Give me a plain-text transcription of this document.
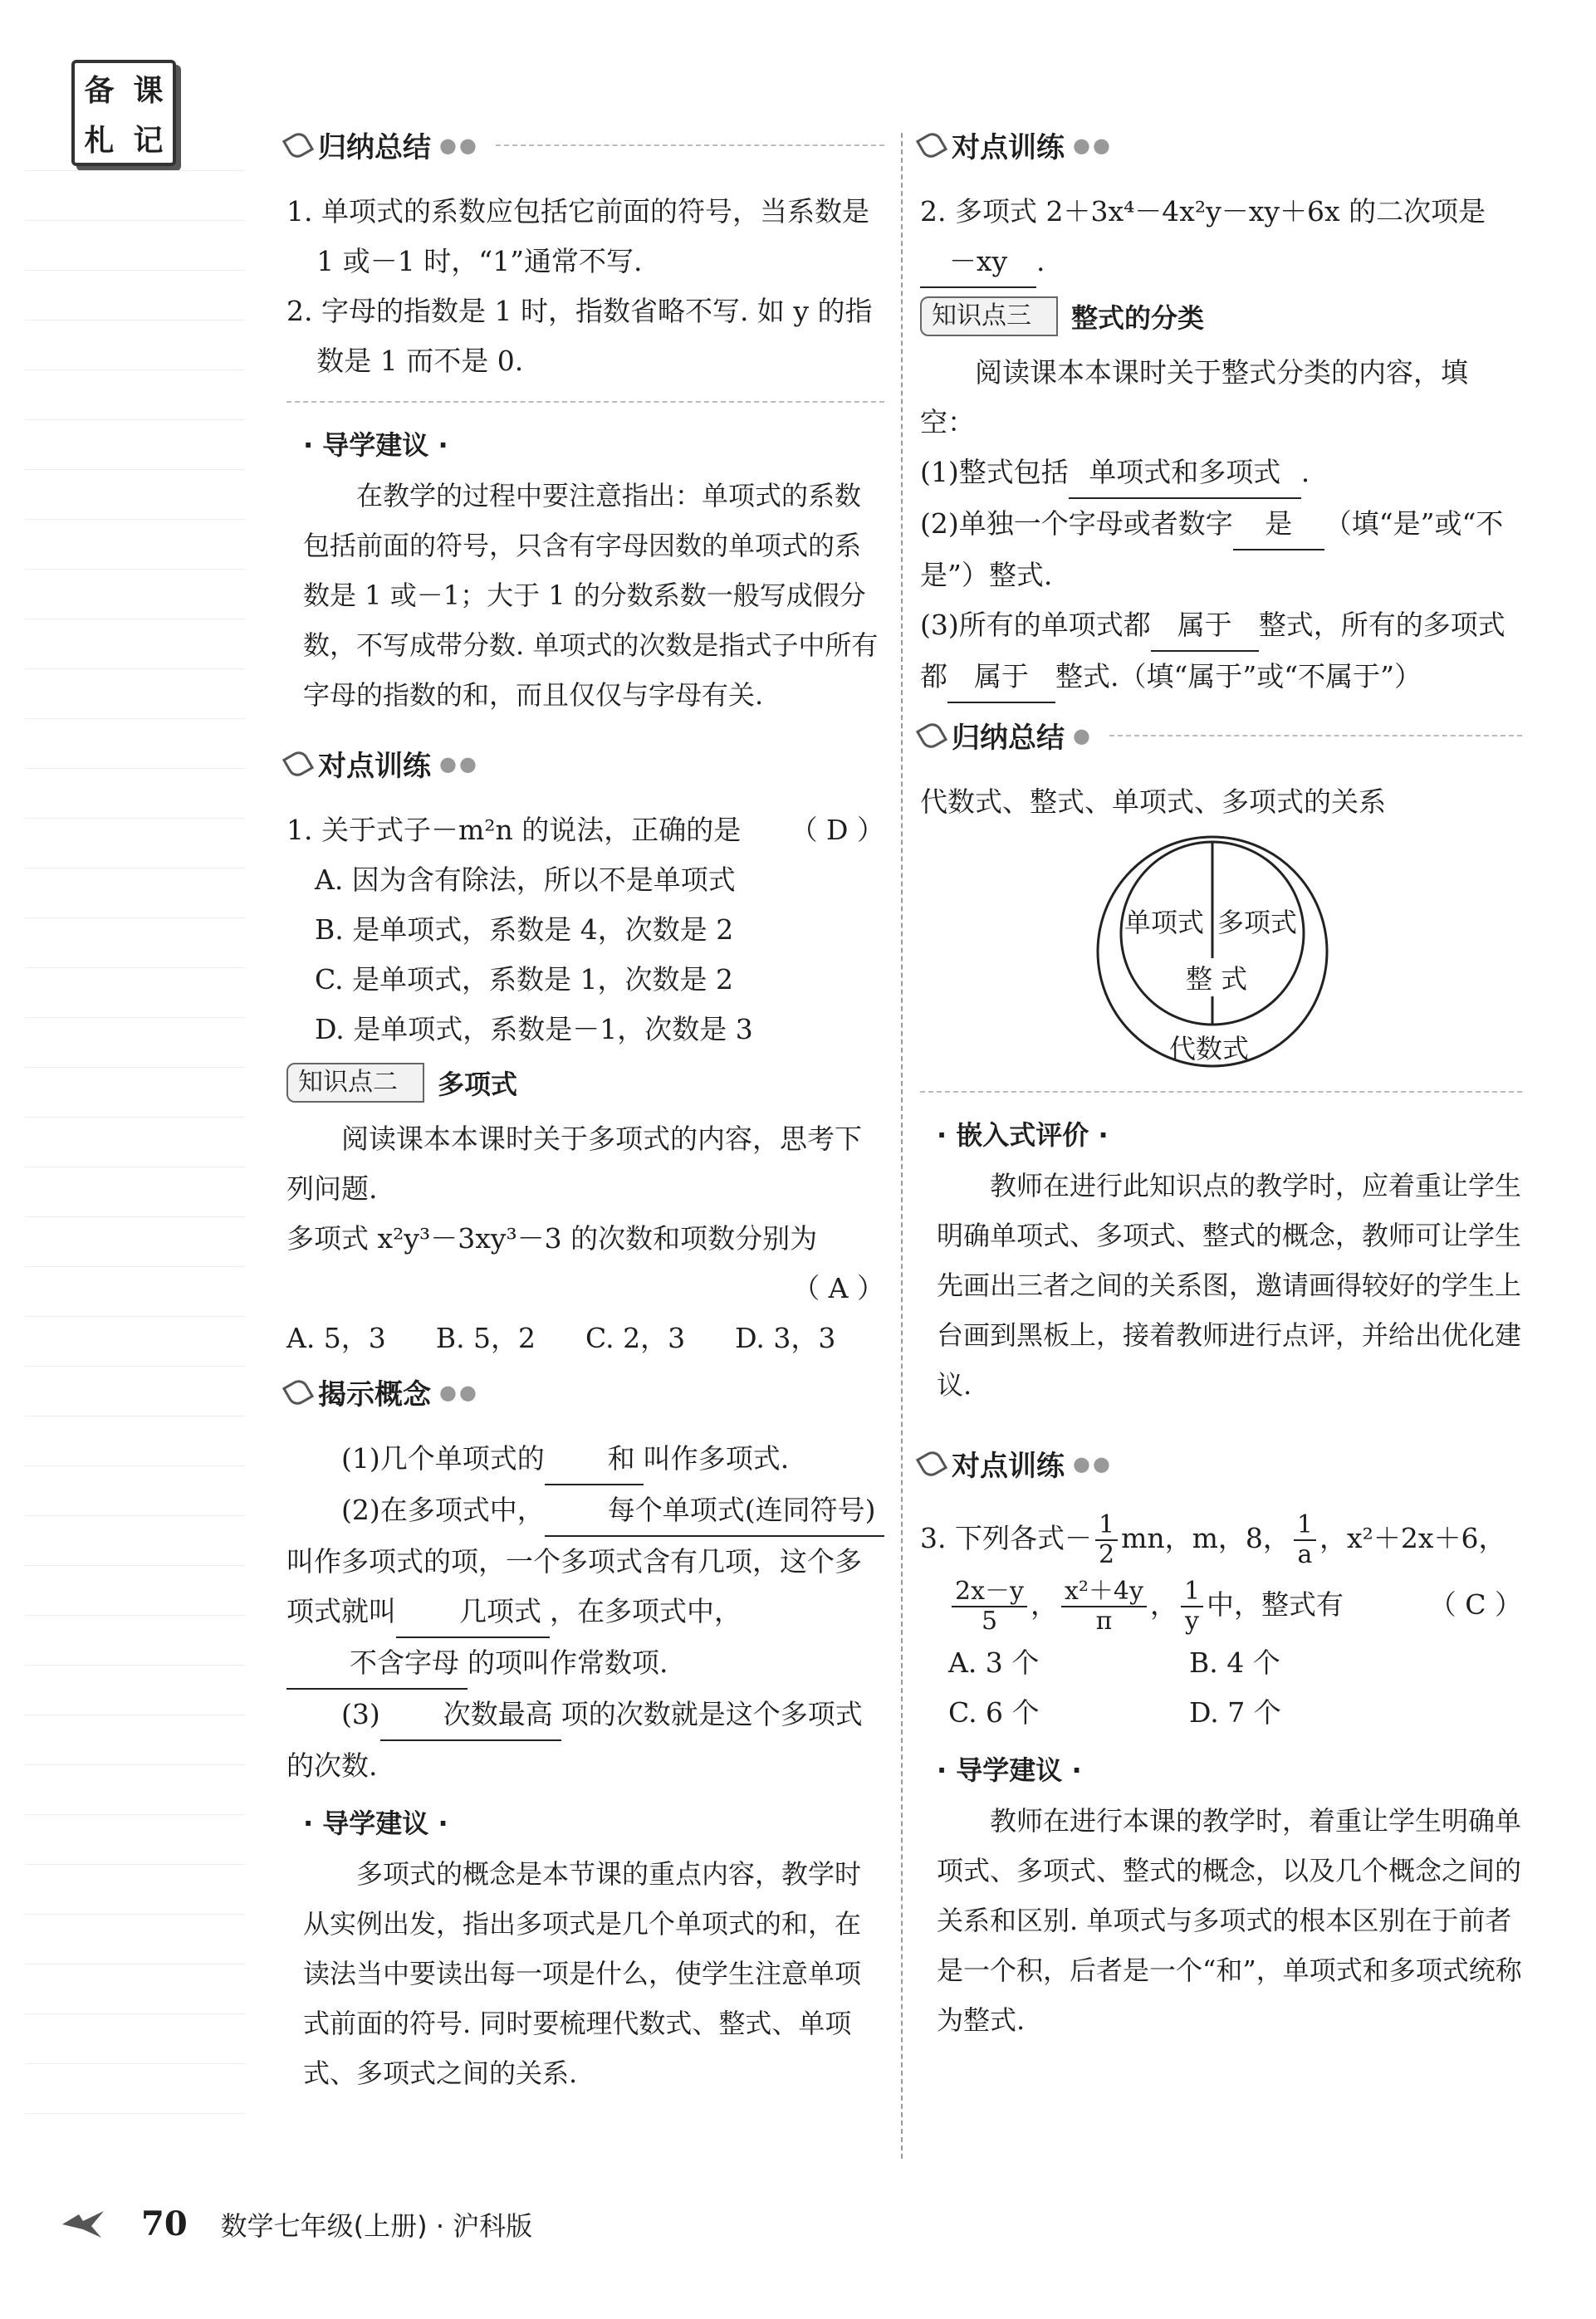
备 课
札 记	归纳总结 ●●

1. 单项式的系数应包括它前面的符号，当系数是 1 或－1 时，“1”通常不写.

2. 字母的指数是 1 时，指数省略不写. 如 y 的指数是 1 而不是 0.

· 导学建议 ·

在教学的过程中要注意指出：单项式的系数包括前面的符号，只含有字母因数的单项式的系数是 1 或－1；大于 1 的分数系数一般写成假分数，不写成带分数. 单项式的次数是指式子中所有字母的指数的和，而且仅仅与字母有关.

对点训练 ●●

1. 关于式子－m²n 的说法，正确的是 （ D ）

A. 因为含有除法，所以不是单项式

B. 是单项式，系数是 4，次数是 2

C. 是单项式，系数是 1，次数是 2

D. 是单项式，系数是－1，次数是 3

知识点二	多项式

阅读课本本课时关于多项式的内容，思考下列问题.

多项式 x²y³－3xy³－3 的次数和项数分别为

（ A ）

A. 5，3 B. 5，2 C. 2，3 D. 3，3
揭示概念 ●●

(1)几个单项式的 和 叫作多项式.

(2)在多项式中， 每个单项式(连同符号)叫作多项式的项，一个多项式含有几项，这个多项式就叫 几项式 ，在多项式中，不含字母 的项叫作常数项.

(3) 次数最高 项的次数就是这个多项式的次数.

· 导学建议 ·

多项式的概念是本节课的重点内容，教学时从实例出发，指出多项式是几个单项式的和，在读法当中要读出每一项是什么，使学生注意单项式前面的符号. 同时要梳理代数式、整式、单项式、多项式之间的关系.

对点训练 ●●

2. 多项式 2＋3x⁴－4x²y－xy＋6x 的二次项是－xy .

知识点三	整式的分类

阅读课本本课时关于整式分类的内容，填空：

(1)整式包括 单项式和多项式 .

(2)单独一个字母或者数字 是 （填“是”或“不是”）整式.

(3)所有的单项式都 属于 整式，所有的多项式都 属于 整式.（填“属于”或“不属于”）

归纳总结 ●

代数式、整式、单项式、多项式的关系

单项式 多项式
整 式
代数式
· 嵌入式评价 ·

教师在进行此知识点的教学时，应着重让学生明确单项式、多项式、整式的概念，教师可让学生先画出三者之间的关系图，邀请画得较好的学生上台画到黑板上，接着教师进行点评，并给出优化建议.

对点训练 ●●

3. 下列各式－ $\frac{1}{2}$ mn，m，8， $\frac{1}{a}$ ，x²＋2x＋6，

$\frac{2x-y}{5}$ ， $\frac{\text{x²＋4y}}{\pi}$ ， $\frac{1}{y}$ 中，整式有	（ C ）

A. 3 个	B. 4 个
C. 6 个	D. 7 个
· 导学建议 ·

教师在进行本课的教学时，着重让学生明确单项式、多项式、整式的概念，以及几个概念之间的关系和区别. 单项式与多项式的根本区别在于前者是一个积，后者是一个“和”，单项式和多项式统称为整式.

70 数学七年级(上册) · 沪科版
